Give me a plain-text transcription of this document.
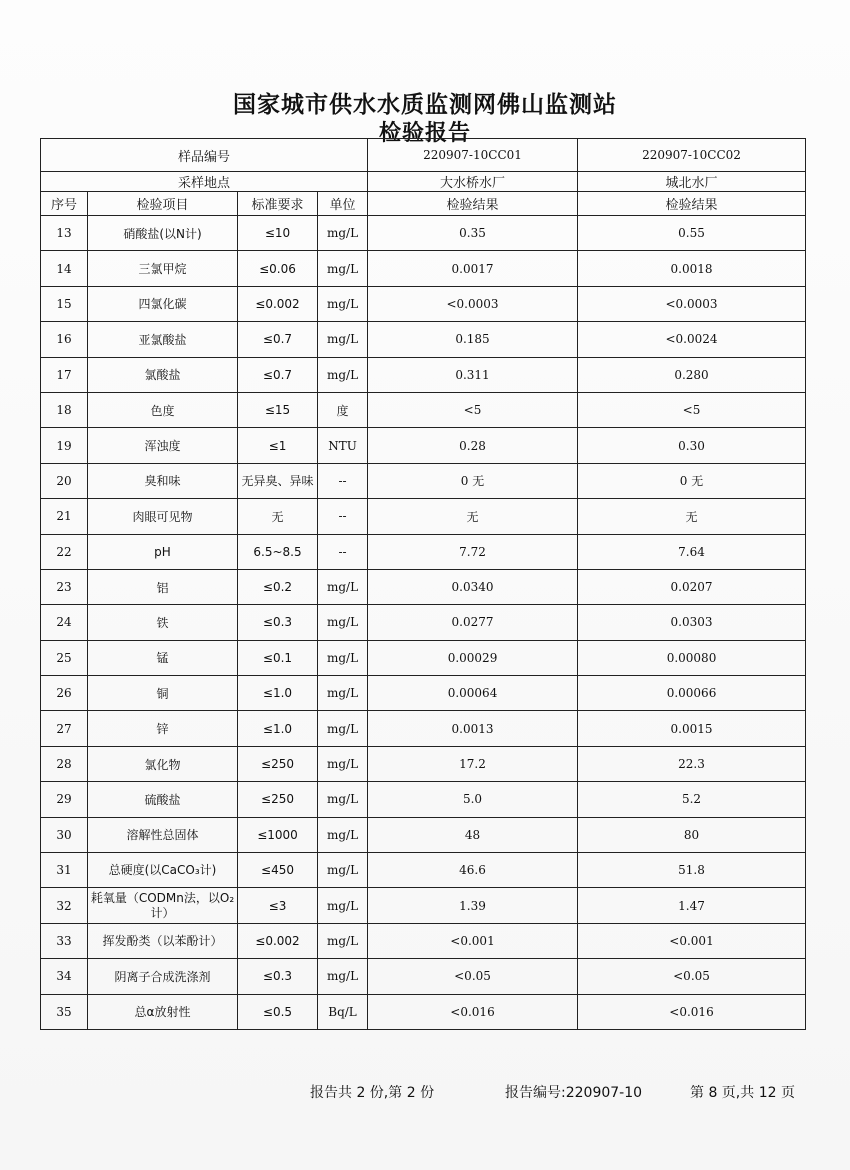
国家城市供水水质监测网佛山监测站
检验报告
样品编号				220907-10CC01	220907-10CC02
采样地点				大水桥水厂	城北水厂
序号	检验项目	标准要求	单位	检验结果	检验结果
13	硝酸盐(以N计)	≤10	mg/L	0.35	0.55
14	三氯甲烷	≤0.06	mg/L	0.0017	0.0018
15	四氯化碳	≤0.002	mg/L	<0.0003	<0.0003
16	亚氯酸盐	≤0.7	mg/L	0.185	<0.0024
17	氯酸盐	≤0.7	mg/L	0.311	0.280
18	色度	≤15	度	<5	<5
19	浑浊度	≤1	NTU	0.28	0.30
20	臭和味	无异臭、异味	--	0 无	0 无
21	肉眼可见物	无	--	无	无
22	pH	6.5~8.5	--	7.72	7.64
23	铝	≤0.2	mg/L	0.0340	0.0207
24	铁	≤0.3	mg/L	0.0277	0.0303
25	锰	≤0.1	mg/L	0.00029	0.00080
26	铜	≤1.0	mg/L	0.00064	0.00066
27	锌	≤1.0	mg/L	0.0013	0.0015
28	氯化物	≤250	mg/L	17.2	22.3
29	硫酸盐	≤250	mg/L	5.0	5.2
30	溶解性总固体	≤1000	mg/L	48	80
31	总硬度(以CaCO₃计)	≤450	mg/L	46.6	51.8
32	耗氧量（CODMn法，以O₂计）	≤3	mg/L	1.39	1.47
33	挥发酚类（以苯酚计）	≤0.002	mg/L	<0.001	<0.001
34	阴离子合成洗涤剂	≤0.3	mg/L	<0.05	<0.05
35	总α放射性	≤0.5	Bq/L	<0.016	<0.016
报告共 2 份,第 2 份	报告编号:220907-10	第 8 页,共 12 页
